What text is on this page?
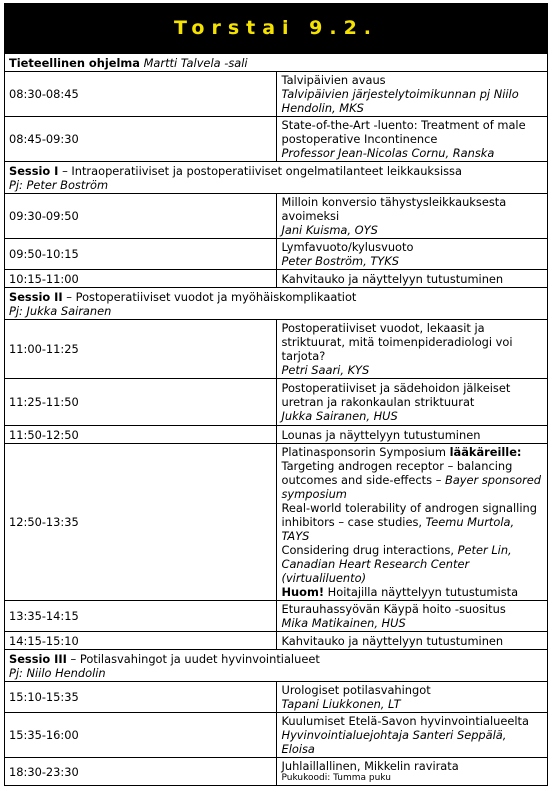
Torstai 9.2.
Tieteellinen ohjelma Martti Talvela -sali	
08:30-08:45	Talvipäivien avaus
Talvipäivien järjestelytoimikunnan pj Niilo Hendolin, MKS

08:45-09:30	State-of-the-Art -luento: Treatment of male postoperative Incontinence
Professor Jean-Nicolas Cornu, Ranska

Sessio I – Intraoperatiiviset ja postoperatiiviset ongelmatilanteet leikkauksissa
Pj: Peter Boström	

09:30-09:50	Milloin konversio tähystysleikkauksesta avoimeksi
Jani Kuisma, OYS

09:50-10:15	Lymfavuoto/kylusvuoto
Peter Boström, TYKS

10:15-11:00	Kahvitauko ja näyttelyyn tutustuminen

Sessio II – Postoperatiiviset vuodot ja myöhäiskomplikaatiot
Pj: Jukka Sairanen	

11:00-11:25	Postoperatiiviset vuodot, lekaasit ja striktuurat, mitä toimenpideradiologi voi tarjota?
Petri Saari, KYS

11:25-11:50	Postoperatiiviset ja sädehoidon jälkeiset uretran ja rakonkaulan striktuurat
Jukka Sairanen, HUS

11:50-12:50	Lounas ja näyttelyyn tutustuminen

12:50-13:35	Platinasponsorin Symposium lääkäreille:
Targeting androgen receptor – balancing outcomes and side-effects – Bayer sponsored symposium
Real-world tolerability of androgen signalling inhibitors – case studies, Teemu Murtola, TAYS
Considering drug interactions, Peter Lin, Canadian Heart Research Center (virtualiluento)
Huom! Hoitajilla näyttelyyn tutustumista

13:35-14:15	Eturauhassyövän Käypä hoito -suositus
Mika Matikainen, HUS

14:15-15:10	Kahvitauko ja näyttelyyn tutustuminen

Sessio III – Potilasvahingot ja uudet hyvinvointialueet
Pj: Niilo Hendolin	

15:10-15:35	Urologiset potilasvahingot
Tapani Liukkonen, LT

15:35-16:00	Kuulumiset Etelä-Savon hyvinvointialueelta
Hyvinvointialuejohtaja Santeri Seppälä, Eloisa

18:30-23:30	Juhlaillallinen, Mikkelin ravirata
Pukukoodi: Tumma puku
